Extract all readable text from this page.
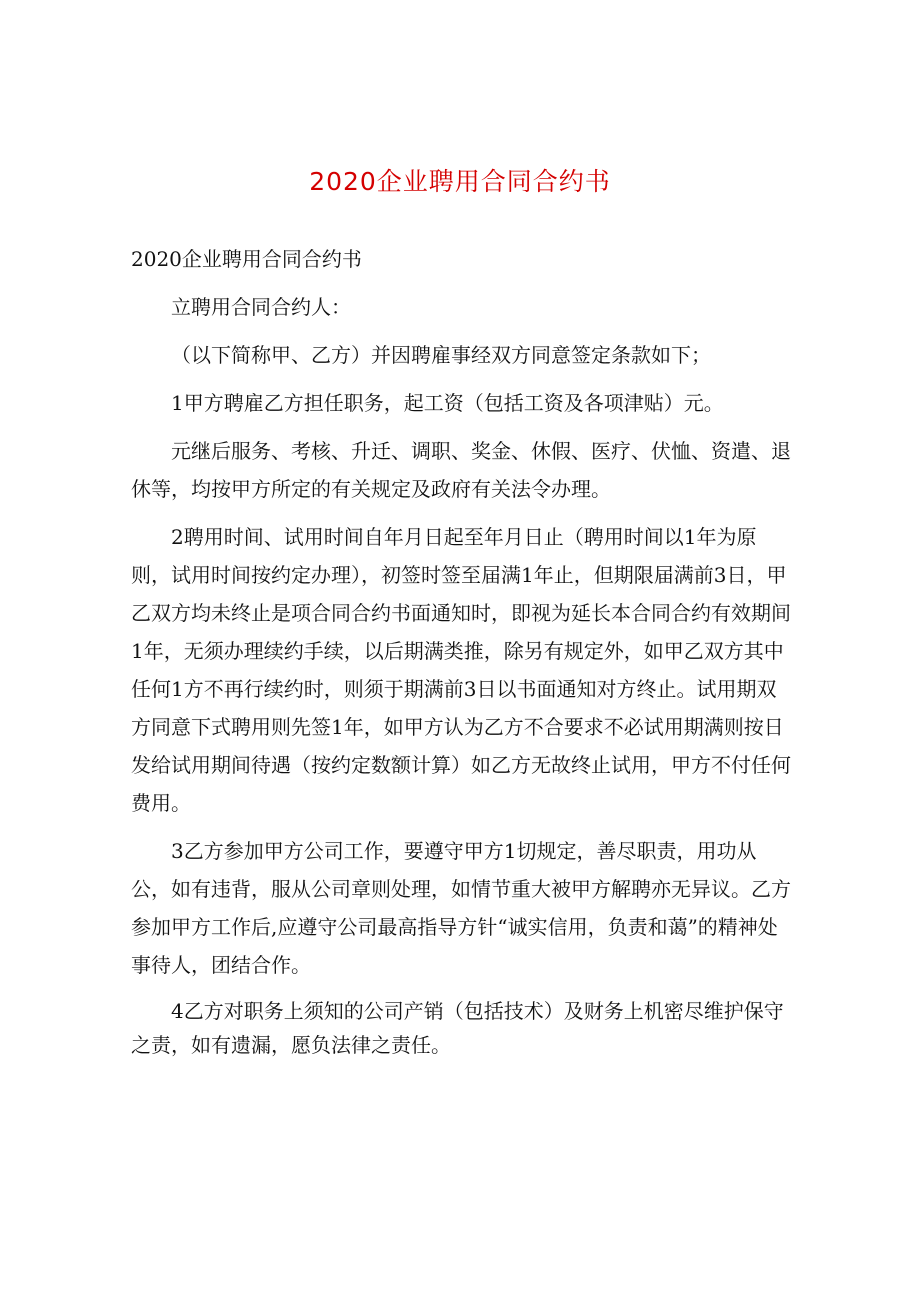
2020企业聘用合同合约书

2020企业聘用合同合约书

立聘用合同合约人：

（以下简称甲、乙方）并因聘雇事经双方同意签定条款如下；

1甲方聘雇乙方担任职务，起工资（包括工资及各项津贴）元。

元继后服务、考核、升迁、调职、奖金、休假、医疗、伏恤、资遣、退休等，均按甲方所定的有关规定及政府有关法令办理。

2聘用时间、试用时间自年月日起至年月日止（聘用时间以1年为原则，试用时间按约定办理），初签时签至届满1年止，但期限届满前3日，甲乙双方均未终止是项合同合约书面通知时，即视为延长本合同合约有效期间1年，无须办理续约手续，以后期满类推，除另有规定外，如甲乙双方其中任何1方不再行续约时，则须于期满前3日以书面通知对方终止。试用期双方同意下式聘用则先签1年，如甲方认为乙方不合要求不必试用期满则按日发给试用期间待遇（按约定数额计算）如乙方无故终止试用，甲方不付任何费用。

3乙方参加甲方公司工作，要遵守甲方1切规定，善尽职责，用功从公，如有违背，服从公司章则处理，如情节重大被甲方解聘亦无异议。乙方参加甲方工作后,应遵守公司最高指导方针“诚实信用，负责和蔼”的精神处事待人，团结合作。

4乙方对职务上须知的公司产销（包括技术）及财务上机密尽维护保守之责，如有遗漏，愿负法律之责任。
